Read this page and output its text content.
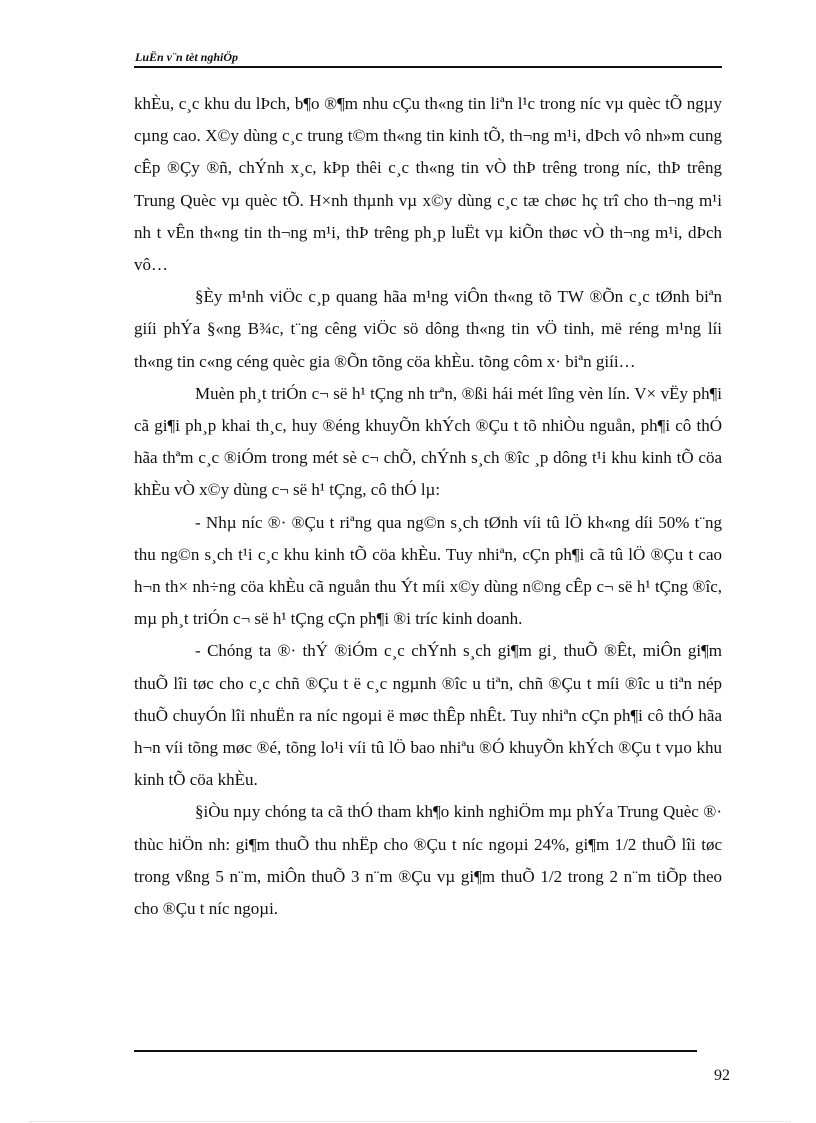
LuËn v¨n tèt nghiÖp

khÈu, c¸c khu du lÞch, b¶o ®¶m nhu cÇu th«ng tin liªn l¹c trong níc vµ quèc tÕ ngµy cµng cao. X©y dùng c¸c trung t©m th«ng tin kinh tÕ, th¬ng m¹i, dÞch vô nh»m cung cÊp ®Çy ®ñ, chÝnh x¸c, kÞp thêi c¸c th«ng tin vÒ thÞ trêng trong níc, thÞ trêng Trung Quèc vµ quèc tÕ. H×nh thµnh vµ x©y dùng c¸c tæ chøc hç trî cho th¬ng m¹i nh t vÊn th«ng tin th¬ng m¹i, thÞ trêng ph¸p luËt vµ kiÕn thøc vÒ th¬ng m¹i, dÞch vô…

§Èy m¹nh viÖc c¸p quang hãa m¹ng viÔn th«ng tõ TW ®Õn c¸c tØnh biªn giíi phÝa §«ng B¾c, t¨ng cêng viÖc sö dông th«ng tin vÖ tinh, më réng m¹ng líi th«ng tin c«ng céng quèc gia ®Õn tõng cöa khÈu. tõng côm x· biªn giíi…

Muèn ph¸t triÓn c¬ së h¹ tÇng nh trªn, ®ßi hái mét lîng vèn lín. V× vËy ph¶i cã gi¶i ph¸p khai th¸c, huy ®éng khuyÕn khÝch ®Çu t tõ nhiÒu nguån, ph¶i cô thÓ hãa thªm c¸c ®iÓm trong mét sè c¬ chÕ, chÝnh s¸ch ®îc ¸p dông t¹i khu kinh tÕ cöa khÈu vÒ x©y dùng c¬ së h¹ tÇng, cô thÓ lµ:

- Nhµ níc ®· ®Çu t riªng qua ng©n s¸ch tØnh víi tû lÖ kh«ng díi 50% t¨ng thu ng©n s¸ch t¹i c¸c khu kinh tÕ cöa khÈu. Tuy nhiªn, cÇn ph¶i cã tû lÖ ®Çu t cao h¬n th× nh÷ng cöa khÈu cã nguån thu Ýt míi x©y dùng n©ng cÊp c¬ së h¹ tÇng ®îc, mµ ph¸t triÓn c¬ së h¹ tÇng cÇn ph¶i ®i tríc kinh doanh.

- Chóng ta ®· thÝ ®iÓm c¸c chÝnh s¸ch gi¶m gi¸ thuÕ ®Êt, miÔn gi¶m thuÕ lîi tøc cho c¸c chñ ®Çu t ë c¸c ngµnh ®îc u tiªn, chñ ®Çu t míi ®îc u tiªn nép thuÕ chuyÓn lîi nhuËn ra níc ngoµi ë møc thÊp nhÊt. Tuy nhiªn cÇn ph¶i cô thÓ hãa h¬n víi tõng møc ®é, tõng lo¹i víi tû lÖ bao nhiªu ®Ó khuyÕn khÝch ®Çu t vµo khu kinh tÕ cöa khÈu.

§iÒu nµy chóng ta cã thÓ tham kh¶o kinh nghiÖm mµ phÝa Trung Quèc ®· thùc hiÖn nh: gi¶m thuÕ thu nhËp cho ®Çu t níc ngoµi 24%, gi¶m 1/2 thuÕ lîi tøc trong vßng 5 n¨m, miÔn thuÕ 3 n¨m ®Çu vµ gi¶m thuÕ 1/2 trong 2 n¨m tiÕp theo cho ®Çu t níc ngoµi.

92
